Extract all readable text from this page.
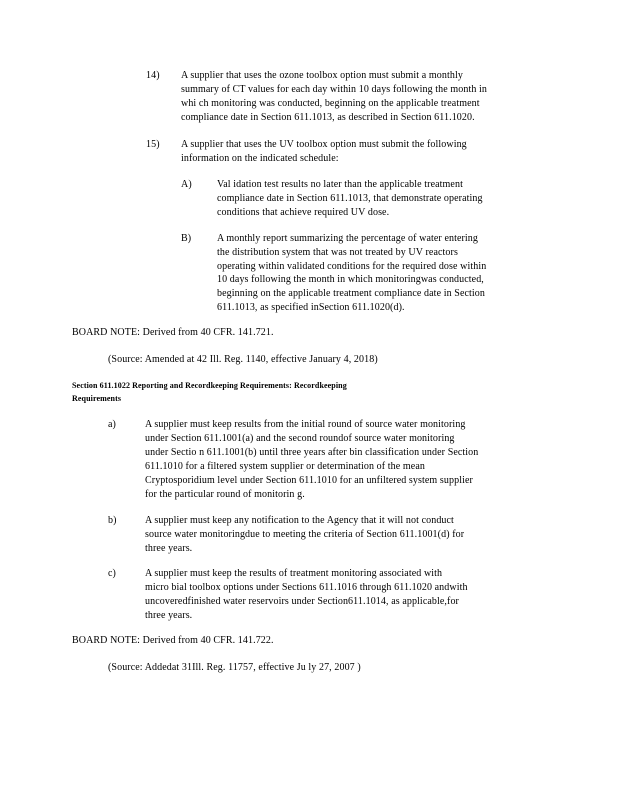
14) A supplier that uses the ozone toolbox option must submit a monthly
summary of CT values for each day within 10 days following the month in
whi ch monitoring was conducted, beginning on the applicable treatment
compliance date in Section 611.1013, as described in Section 611.1020.
15) A supplier that uses the UV toolbox option must submit the following
information on the indicated schedule:
A)	Val idation test results no later than the applicable treatment
compliance date in Section 611.1013, that demonstrate operating
conditions that achieve required UV dose.
B)	A monthly report summarizing the percentage of water entering
the distribution system that was not treated by UV reactors
operating within validated conditions for the required dose within
10 days following the month in which monitoringwas conducted,
beginning on the applicable treatment compliance date in Section
611.1013, as specified inSection 611.1020(d).
BOARD NOTE: Derived from 40 CFR. 141.721.
(Source: Amended at 42 Ill. Reg. 1140, effective January 4, 2018)
Section 611.1022 Reporting and Recordkeeping Requirements: Recordkeeping
Requirements
a)	A supplier must keep results from the initial round of source water monitoring
under Section 611.1001(a) and the second roundof source water monitoring
under Sectio n 611.1001(b) until three years after bin classification under Section
611.1010 for a filtered system supplier or determination of the mean
Cryptosporidium level under Section 611.1010 for an unfiltered system supplier
for the particular round of monitorin g.
b)	A supplier must keep any notification to the Agency that it will not conduct
source water monitoringdue to meeting the criteria of Section 611.1001(d) for
three years.
c)	A supplier must keep the results of treatment monitoring associated with
micro bial toolbox options under Sections 611.1016 through 611.1020 andwith
uncoveredfinished water reservoirs under Section611.1014, as applicable,for
three years.
BOARD NOTE: Derived from 40 CFR. 141.722.
(Source: Addedat 31Ill. Reg. 11757, effective Ju ly 27, 2007 )
